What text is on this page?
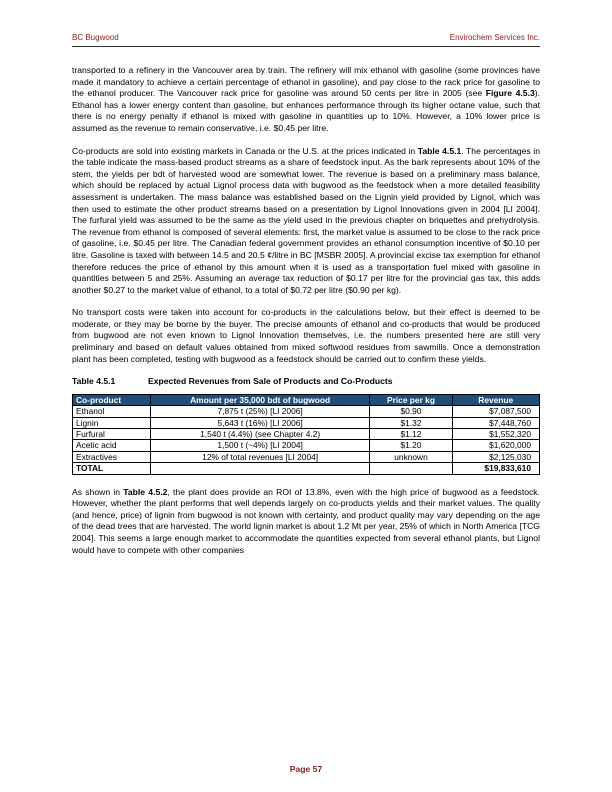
BC Bugwood	Envirochem Services Inc.

transported to a refinery in the Vancouver area by train. The refinery will mix ethanol with gasoline (some provinces have made it mandatory to achieve a certain percentage of ethanol in gasoline), and pay close to the rack price for gasoline to the ethanol producer. The Vancouver rack price for gasoline was around 50 cents per litre in 2005 (see Figure 4.5.3). Ethanol has a lower energy content than gasoline, but enhances performance through its higher octane value, such that there is no energy penalty if ethanol is mixed with gasoline in quantities up to 10%. However, a 10% lower price is assumed as the revenue to remain conservative, i.e. $0.45 per litre.

Co-products are sold into existing markets in Canada or the U.S. at the prices indicated in Table 4.5.1. The percentages in the table indicate the mass-based product streams as a share of feedstock input. As the bark represents about 10% of the stem, the yields per bdt of harvested wood are somewhat lower. The revenue is based on a preliminary mass balance, which should be replaced by actual Lignol process data with bugwood as the feedstock when a more detailed feasibility assessment is undertaken. The mass balance was established based on the Lignin yield provided by Lignol, which was then used to estimate the other product streams based on a presentation by Lignol Innovations given in 2004 [LI 2004]. The furfural yield was assumed to be the same as the yield used in the previous chapter on briquettes and prehydrolysis. The revenue from ethanol is composed of several elements: first, the market value is assumed to be close to the rack price of gasoline, i.e. $0.45 per litre. The Canadian federal government provides an ethanol consumption incentive of $0.10 per litre. Gasoline is taxed with between 14.5 and 20.5 ¢/litre in BC [MSBR 2005]. A provincial excise tax exemption for ethanol therefore reduces the price of ethanol by this amount when it is used as a transportation fuel mixed with gasoline in quantities between 5 and 25%. Assuming an average tax reduction of $0.17 per litre for the provincial gas tax, this adds another $0.27 to the market value of ethanol, to a total of $0.72 per litre ($0.90 per kg).

No transport costs were taken into account for co-products in the calculations below, but their effect is deemed to be moderate, or they may be borne by the buyer. The precise amounts of ethanol and co-products that would be produced from bugwood are not even known to Lignol Innovation themselves, i.e. the numbers presented here are still very preliminary and based on default values obtained from mixed softwood residues from sawmills. Once a demonstration plant has been completed, testing with bugwood as a feedstock should be carried out to confirm these yields.

Table 4.5.1	Expected Revenues from Sale of Products and Co-Products
Co-product	Amount per 35,000 bdt of bugwood	Price per kg	Revenue
Ethanol	7,875 t (25%) [LI 2006]	$0.90	$7,087,500
Lignin	5,643 t (16%) [LI 2006]	$1.32	$7,448,760
Furfural	1,540 t (4.4%) (see Chapter 4.2)	$1.12	$1,552,320
Acetic acid	1,500 t (~4%) [LI 2004]	$1.20	$1,620,000
Extractives	12% of total revenues [LI 2004]	unknown	$2,125,030
TOTAL			$19,833,610

As shown in Table 4.5.2, the plant does provide an ROI of 13.8%, even with the high price of bugwood as a feedstock. However, whether the plant performs that well depends largely on co-products yields and their market values. The quality (and hence, price) of lignin from bugwood is not known with certainty, and product quality may vary depending on the age of the dead trees that are harvested. The world lignin market is about 1.2 Mt per year, 25% of which in North America [TCG 2004]. This seems a large enough market to accommodate the quantities expected from several ethanol plants, but Lignol would have to compete with other companies

Page 57
